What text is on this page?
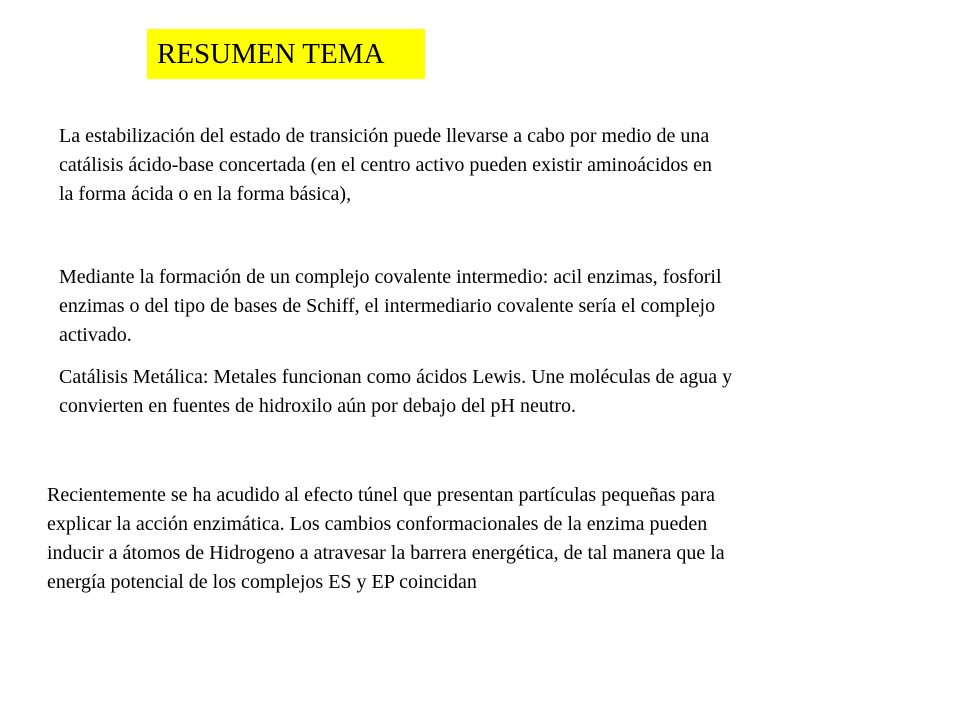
RESUMEN TEMA

La estabilización del estado de transición puede llevarse a cabo por medio de una
catálisis ácido-base concertada (en el centro activo pueden existir aminoácidos en
la forma ácida o en la forma básica),

Mediante la formación de un complejo covalente intermedio: acil enzimas, fosforil
enzimas o del tipo de bases de Schiff, el intermediario covalente sería el complejo
activado.

Catálisis Metálica: Metales funcionan como ácidos Lewis. Une moléculas de agua y
convierten en fuentes de hidroxilo aún por debajo del pH neutro.

Recientemente se ha acudido al efecto túnel que presentan partículas pequeñas para
explicar la acción enzimática. Los cambios conformacionales de la enzima pueden
inducir a átomos de Hidrogeno a atravesar la barrera energética, de tal manera que la
energía potencial de los complejos ES y EP coincidan
